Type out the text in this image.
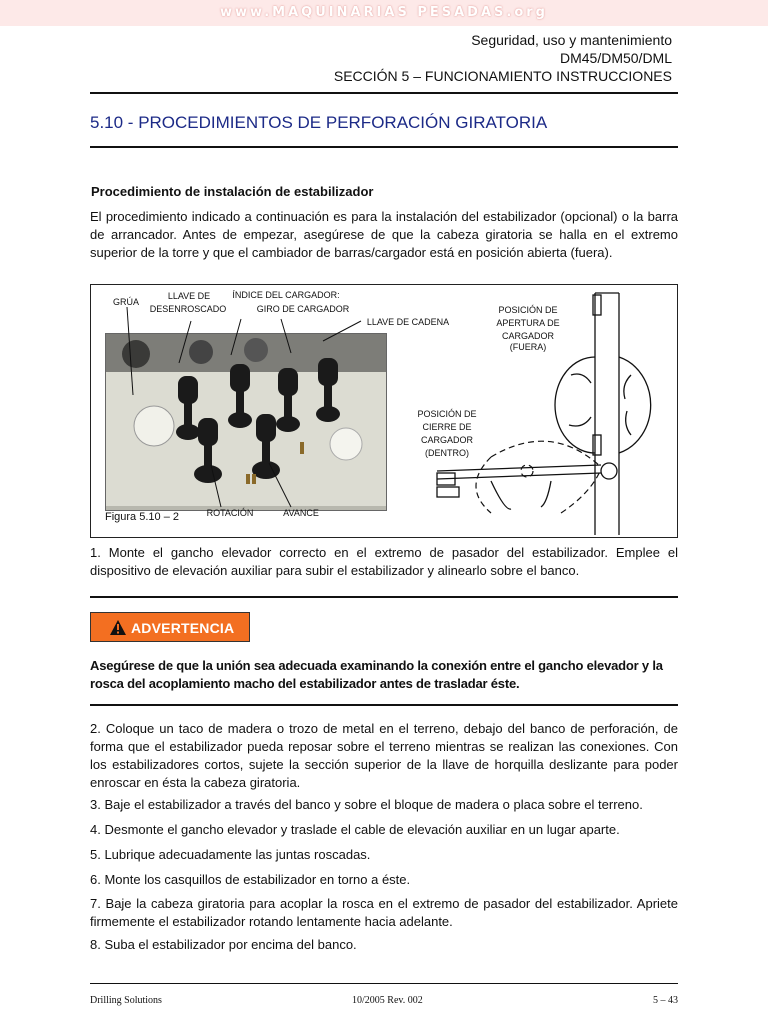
www.MAQUINARIAS PESADAS.org
Seguridad, uso y mantenimiento
DM45/DM50/DML
SECCIÓN 5 – FUNCIONAMIENTO INSTRUCCIONES
5.10 - PROCEDIMIENTOS DE PERFORACIÓN GIRATORIA
Procedimiento de instalación de estabilizador
El procedimiento indicado a continuación es para la instalación del estabilizador (opcional) o la barra de arrancador. Antes de empezar, asegúrese de que la cabeza giratoria se halla en el extremo superior de la torre y que el cambiador de barras/cargador está en posición abierta (fuera).
GRÚA
LLAVE DE
DESENROSCADO
ÍNDICE DEL CARGADOR:
GIRO DE CARGADOR
LLAVE DE CADENA
POSICIÓN DE
APERTURA DE
CARGADOR (FUERA)
POSICIÓN DE
CIERRE DE
CARGADOR
(DENTRO)
ROTACIÓN	AVANCE
Figura 5.10 – 2
1. Monte el gancho elevador correcto en el extremo de pasador del estabilizador. Emplee el dispositivo de elevación auxiliar para subir el estabilizador y alinearlo sobre el banco.
ADVERTENCIA
Asegúrese de que la unión sea adecuada examinando la conexión entre el gancho elevador y la rosca del acoplamiento macho del estabilizador antes de trasladar éste.
2. Coloque un taco de madera o trozo de metal en el terreno, debajo del banco de perforación, de forma que el estabilizador pueda reposar sobre el terreno mientras se realizan las conexiones. Con los estabilizadores cortos, sujete la sección superior de la llave de horquilla deslizante para poder enroscar en ésta la cabeza giratoria.
3. Baje el estabilizador a través del banco y sobre el bloque de madera o placa sobre el terreno.
4. Desmonte el gancho elevador y traslade el cable de elevación auxiliar en un lugar aparte.
5. Lubrique adecuadamente las juntas roscadas.
6. Monte los casquillos de estabilizador en torno a éste.
7. Baje la cabeza giratoria para acoplar la rosca en el extremo de pasador del estabilizador. Apriete firmemente el estabilizador rotando lentamente hacia adelante.
8. Suba el estabilizador por encima del banco.
Drilling Solutions	10/2005 Rev. 002	5 – 43
